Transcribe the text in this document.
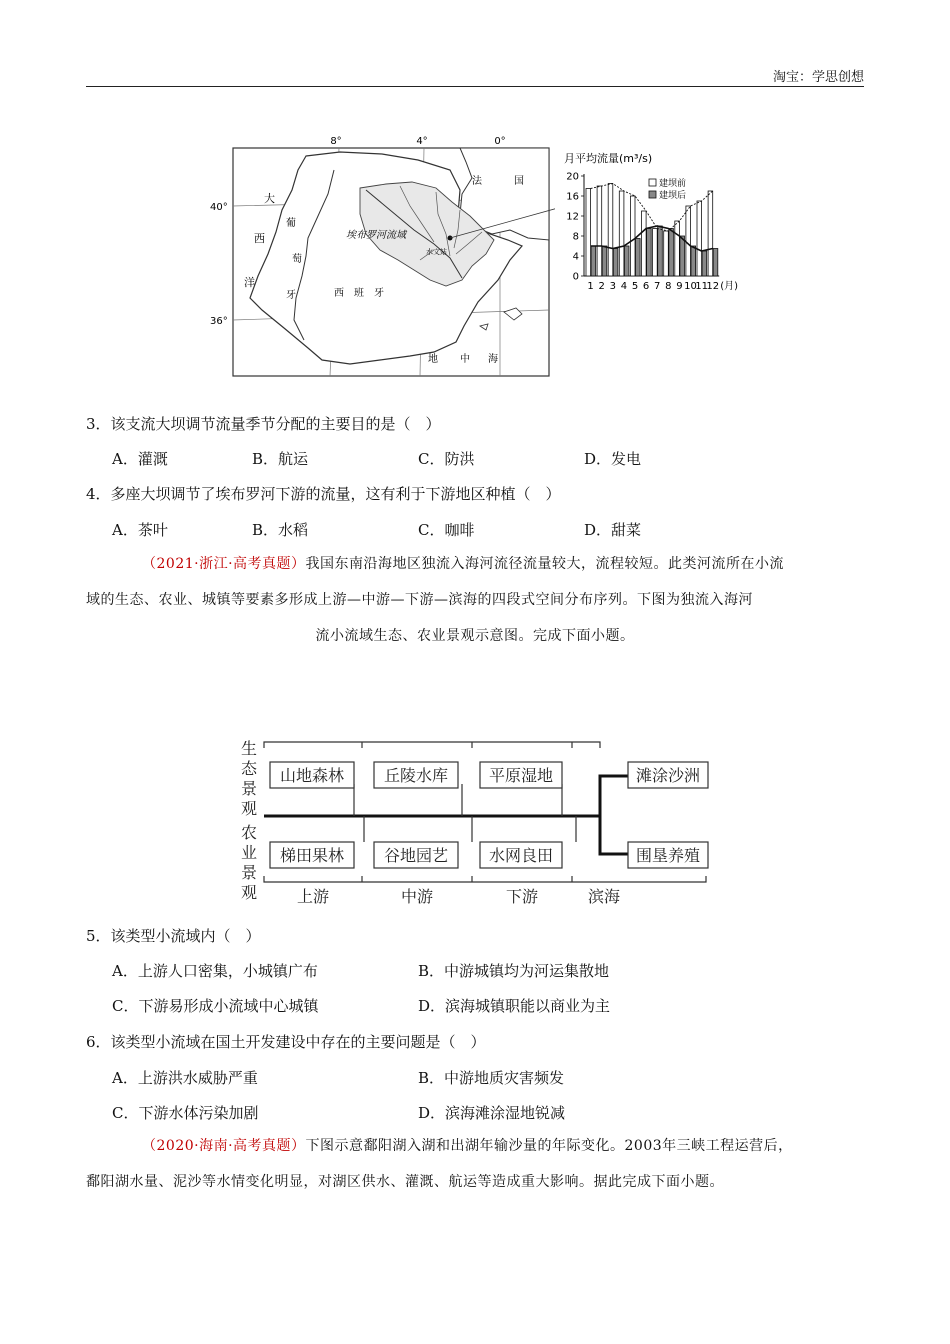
淘宝：学思创想
8°	4°	0°
40°
36°
大
西
洋
葡
萄
牙	西　班　牙
埃布罗河流域
水文站
法	国
地 中 海
月平均流量(m³/s)
0
4
8
12
16
20
1 2 3 4 5 6 7 8 9 10
11
12 (月)
建坝前
建坝后
3．该支流大坝调节流量季节分配的主要目的是（　）
A．灌溉	B．航运	C．防洪	D．发电
4．多座大坝调节了埃布罗河下游的流量，这有利于下游地区种植（　）
A．茶叶	B．水稻	C．咖啡	D．甜菜
（2021·浙江·高考真题）我国东南沿海地区独流入海河流径流量较大，流程较短。此类河流所在小流
域的生态、农业、城镇等要素多形成上游—中游—下游—滨海的四段式空间分布序列。下图为独流入海河
流小流域生态、农业景观示意图。完成下面小题。
生
态
景
观
农
业
景
观
山地森林 丘陵水库	平原湿地	滩涂沙洲
梯田果林 谷地园艺	水网良田	围垦养殖
上游	中游	下游	滨海
5．该类型小流域内（　）
A．上游人口密集，小城镇广布	B．中游城镇均为河运集散地
C．下游易形成小流域中心城镇	D．滨海城镇职能以商业为主
6．该类型小流域在国土开发建设中存在的主要问题是（　）
A．上游洪水威胁严重	B．中游地质灾害频发
C．下游水体污染加剧	D．滨海滩涂湿地锐减
（2020·海南·高考真题）下图示意鄱阳湖入湖和出湖年输沙量的年际变化。2003年三峡工程运营后，
鄱阳湖水量、泥沙等水情变化明显，对湖区供水、灌溉、航运等造成重大影响。据此完成下面小题。
